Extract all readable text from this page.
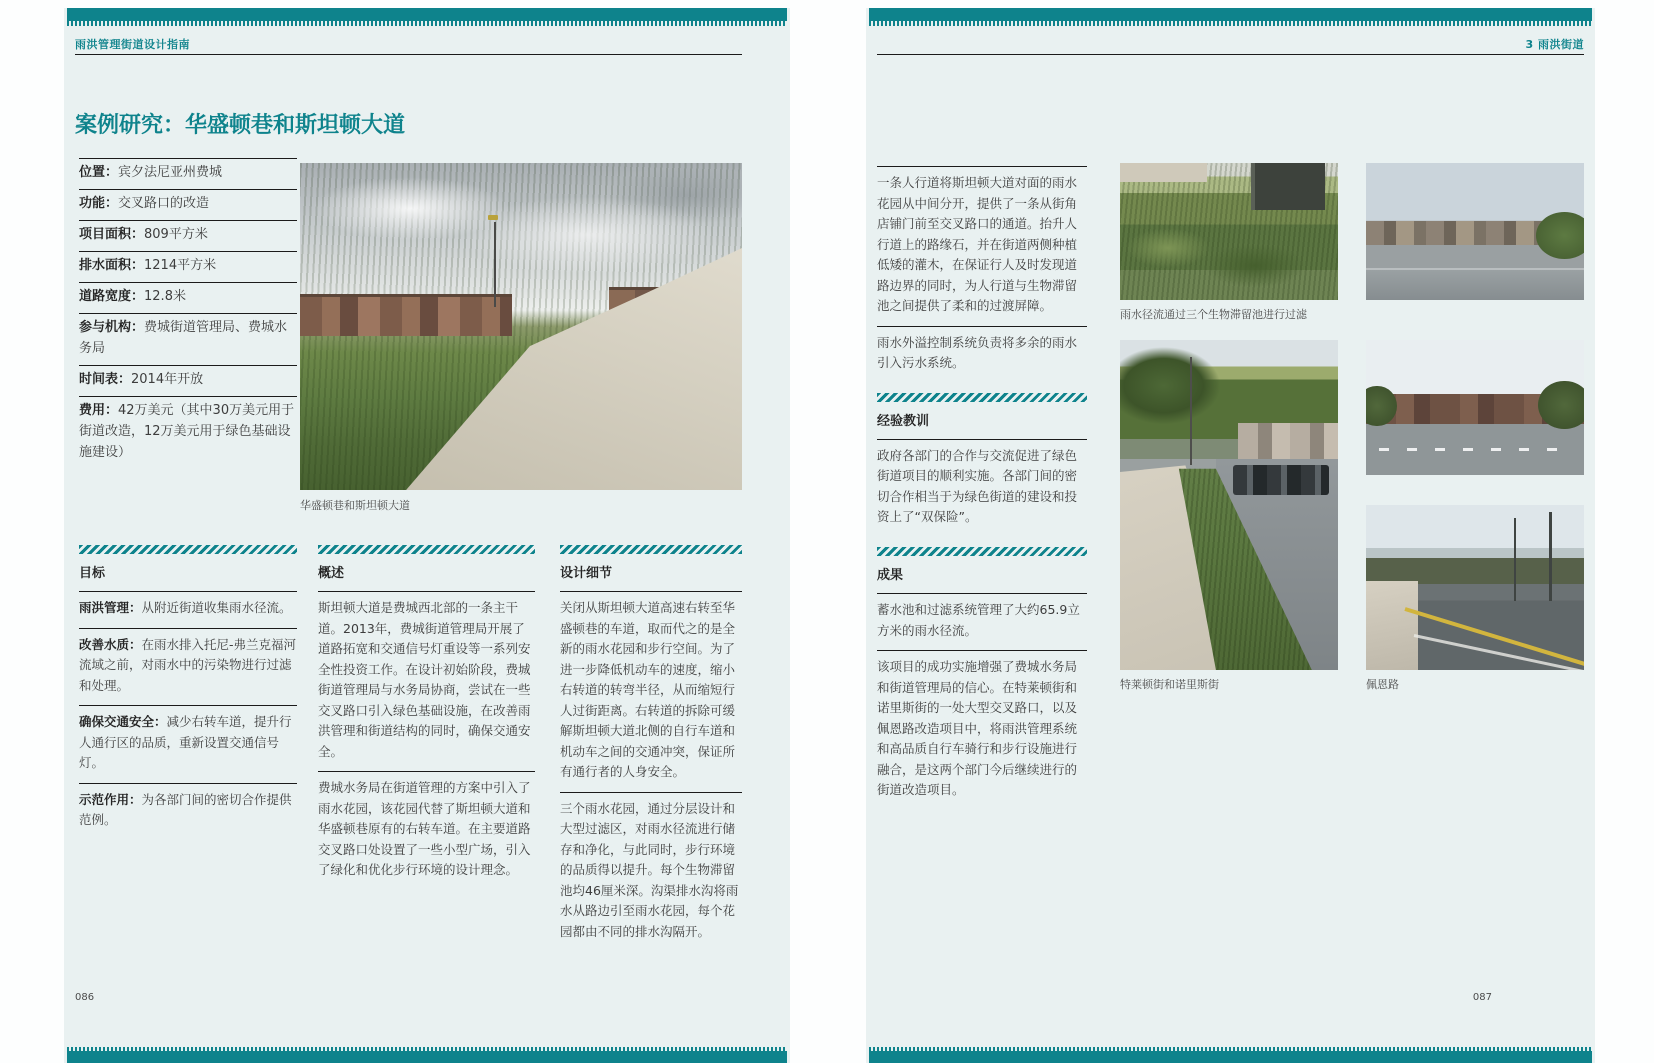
雨洪管理街道设计指南
案例研究：华盛顿巷和斯坦顿大道
位置：宾夕法尼亚州费城
功能：交叉路口的改造
项目面积：809平方米
排水面积：1214平方米
道路宽度：12.8米
参与机构：费城街道管理局、费城水务局
时间表：2014年开放
费用：42万美元（其中30万美元用于街道改造，12万美元用于绿色基础设施建设）
华盛顿巷和斯坦顿大道
目标
雨洪管理：从附近街道收集雨水径流。
改善水质：在雨水排入托尼-弗兰克福河流域之前，对雨水中的污染物进行过滤和处理。
确保交通安全：减少右转车道，提升行人通行区的品质，重新设置交通信号灯。
示范作用：为各部门间的密切合作提供范例。
概述

斯坦顿大道是费城西北部的一条主干道。2013年，费城街道管理局开展了道路拓宽和交通信号灯重设等一系列安全性投资工作。在设计初始阶段，费城街道管理局与水务局协商，尝试在一些交叉路口引入绿色基础设施，在改善雨洪管理和街道结构的同时，确保交通安全。

费城水务局在街道管理的方案中引入了雨水花园，该花园代替了斯坦顿大道和华盛顿巷原有的右转车道。在主要道路交叉路口处设置了一些小型广场，引入了绿化和优化步行环境的设计理念。

设计细节

关闭从斯坦顿大道高速右转至华盛顿巷的车道，取而代之的是全新的雨水花园和步行空间。为了进一步降低机动车的速度，缩小右转道的转弯半径，从而缩短行人过街距离。右转道的拆除可缓解斯坦顿大道北侧的自行车道和机动车之间的交通冲突，保证所有通行者的人身安全。

三个雨水花园，通过分层设计和大型过滤区，对雨水径流进行储存和净化，与此同时，步行环境的品质得以提升。每个生物滞留池均46厘米深。沟渠排水沟将雨水从路边引至雨水花园，每个花园都由不同的排水沟隔开。

086
3 雨洪街道

一条人行道将斯坦顿大道对面的雨水花园从中间分开，提供了一条从街角店铺门前至交叉路口的通道。抬升人行道上的路缘石，并在街道两侧种植低矮的灌木，在保证行人及时发现道路边界的同时，为人行道与生物滞留池之间提供了柔和的过渡屏障。

雨水外溢控制系统负责将多余的雨水引入污水系统。

经验教训

政府各部门的合作与交流促进了绿色街道项目的顺利实施。各部门间的密切合作相当于为绿色街道的建设和投资上了“双保险”。

成果

蓄水池和过滤系统管理了大约65.9立方米的雨水径流。

该项目的成功实施增强了费城水务局和街道管理局的信心。在特莱顿街和诺里斯街的一处大型交叉路口，以及佩恩路改造项目中，将雨洪管理系统和高品质自行车骑行和步行设施进行融合，是这两个部门今后继续进行的街道改造项目。

雨水径流通过三个生物滞留池进行过滤
特莱顿街和诺里斯街	佩恩路
087
